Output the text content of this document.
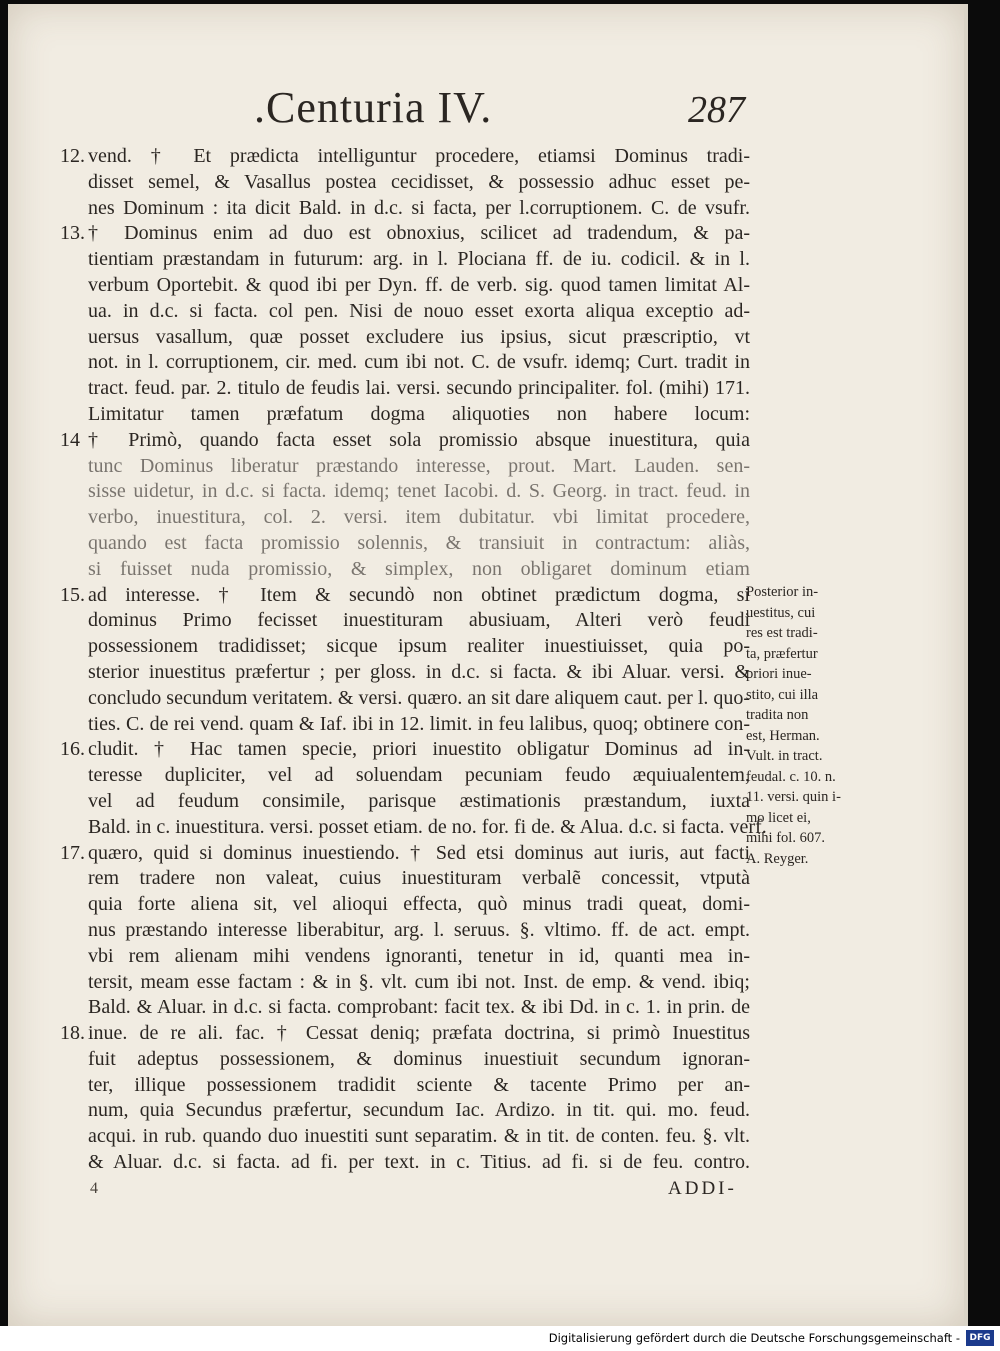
.Centuria IV.	287
12. vend. † Et prædicta intelliguntur procedere, etiamsi Dominus tradi-
disset semel, & Vasallus postea cecidisset, & possessio adhuc esset pe-
nes Dominum : ita dicit Bald. in d.c. si facta, per l.corruptionem. C. de vsufr.
13. † Dominus enim ad duo est obnoxius, scilicet ad tradendum, & pa-
tientiam præstandam in futurum: arg. in l. Plociana ff. de iu. codicil. & in l.
verbum Oportebit. & quod ibi per Dyn. ff. de verb. sig. quod tamen limitat Al-
ua. in d.c. si facta. col pen. Nisi de nouo esset exorta aliqua exceptio ad-
uersus vasallum, quæ posset excludere ius ipsius, sicut præscriptio, vt
not. in l. corruptionem, cir. med. cum ibi not. C. de vsufr. idemq; Curt. tradit in
tract. feud. par. 2. titulo de feudis lai. versi. secundo principaliter. fol. (mihi) 171.
Limitatur tamen præfatum dogma aliquoties non habere locum:
14 † Primò, quando facta esset sola promissio absque inuestitura, quia
tunc Dominus liberatur præstando interesse, prout. Mart. Lauden. sen-
sisse uidetur, in d.c. si facta. idemq; tenet Iacobi. d. S. Georg. in tract. feud. in
verbo, inuestitura, col. 2. versi. item dubitatur. vbi limitat procedere,
quando est facta promissio solennis, & transiuit in contractum: aliàs,
si fuisset nuda promissio, & simplex, non obligaret dominum etiam
15. ad interesse. † Item & secundò non obtinet prædictum dogma, si
dominus Primo fecisset inuestituram abusiuam, Alteri verò feudi
possessionem tradidisset; sicque ipsum realiter inuestiuisset, quia po-
sterior inuestitus præfertur ; per gloss. in d.c. si facta. & ibi Aluar. versi. &
concludo secundum veritatem. & versi. quæro. an sit dare aliquem caut. per l. quo-
ties. C. de rei vend. quam & Iaf. ibi in 12. limit. in feu lalibus, quoq; obtinere con-
16. cludit. † Hac tamen specie, priori inuestito obligatur Dominus ad in-
teresse dupliciter, vel ad soluendam pecuniam feudo æquiualentem,
vel ad feudum consimile, parisque æstimationis præstandum, iuxta
Bald. in c. inuestitura. versi. posset etiam. de no. for. fi de. & Alua. d.c. si facta. verf.
17. quæro, quid si dominus inuestiendo. † Sed etsi dominus aut iuris, aut facti
rem tradere non valeat, cuius inuestituram verbalẽ concessit, vtputà
quia forte aliena sit, vel alioqui effecta, quò minus tradi queat, domi-
nus præstando interesse liberabitur, arg. l. seruus. §. vltimo. ff. de act. empt.
vbi rem alienam mihi vendens ignoranti, tenetur in id, quanti mea in-
tersit, meam esse factam : & in §. vlt. cum ibi not. Inst. de emp. & vend. ibiq;
Bald. & Aluar. in d.c. si facta. comprobant: facit tex. & ibi Dd. in c. 1. in prin. de
18. inue. de re ali. fac. † Cessat deniq; præfata doctrina, si primò Inuestitus
fuit adeptus possessionem, & dominus inuestiuit secundum ignoran-
ter, illique possessionem tradidit sciente & tacente Primo per an-
num, quia Secundus præfertur, secundum Iac. Ardizo. in tit. qui. mo. feud.
acqui. in rub. quando duo inuestiti sunt separatim. & in tit. de conten. feu. §. vlt.
& Aluar. d.c. si facta. ad fi. per text. in c. Titius. ad fi. si de feu. contro.
Posterior in-
uestitus, cui
res est tradi-
ta, præfertur
priori inue-
stito, cui illa
tradita non
est, Herman.
Vult. in tract.
feudal. c. 10. n.
11. versi. quin i-
mo licet ei,
mihi fol. 607.
A. Reyger.
4	ADDI-
Digitalisierung gefördert durch die Deutsche Forschungsgemeinschaft -	DFG
